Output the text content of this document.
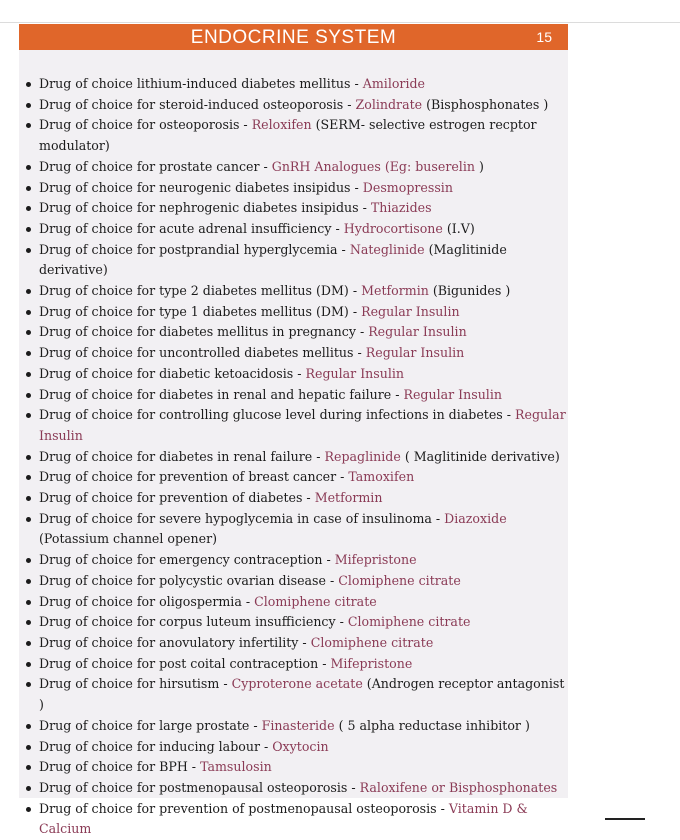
ENDOCRINE SYSTEM	15
Drug of choice lithium-induced diabetes mellitus - Amiloride
Drug of choice for steroid-induced osteoporosis - Zolindrate (Bisphosphonates )
Drug of choice for osteoporosis - Reloxifen (SERM- selective estrogen recptor modulator)
Drug of choice for prostate cancer - GnRH Analogues (Eg: buserelin )
Drug of choice for neurogenic diabetes insipidus - Desmopressin
Drug of choice for nephrogenic diabetes insipidus - Thiazides
Drug of choice for acute adrenal insufficiency - Hydrocortisone (I.V)
Drug of choice for postprandial hyperglycemia - Nateglinide (Maglitinide derivative)
Drug of choice for type 2 diabetes mellitus (DM) - Metformin (Bigunides )
Drug of choice for type 1 diabetes mellitus (DM) - Regular Insulin
Drug of choice for diabetes mellitus in pregnancy - Regular Insulin
Drug of choice for uncontrolled diabetes mellitus - Regular Insulin
Drug of choice for diabetic ketoacidosis - Regular Insulin
Drug of choice for diabetes in renal and hepatic failure - Regular Insulin
Drug of choice for controlling glucose level during infections in diabetes - Regular Insulin
Drug of choice for diabetes in renal failure - Repaglinide ( Maglitinide derivative)
Drug of choice for prevention of breast cancer - Tamoxifen
Drug of choice for prevention of diabetes - Metformin
Drug of choice for severe hypoglycemia in case of insulinoma - Diazoxide (Potassium channel opener)
Drug of choice for emergency contraception - Mifepristone
Drug of choice for polycystic ovarian disease - Clomiphene citrate
Drug of choice for oligospermia - Clomiphene citrate
Drug of choice for corpus luteum insufficiency - Clomiphene citrate
Drug of choice for anovulatory infertility - Clomiphene citrate
Drug of choice for post coital contraception - Mifepristone
Drug of choice for hirsutism - Cyproterone acetate (Androgen receptor antagonist )
Drug of choice for large prostate - Finasteride ( 5 alpha reductase inhibitor )
Drug of choice for inducing labour - Oxytocin
Drug of choice for BPH - Tamsulosin
Drug of choice for postmenopausal osteoporosis - Raloxifene or Bisphosphonates
Drug of choice for prevention of postmenopausal osteoporosis - Vitamin D & Calcium
